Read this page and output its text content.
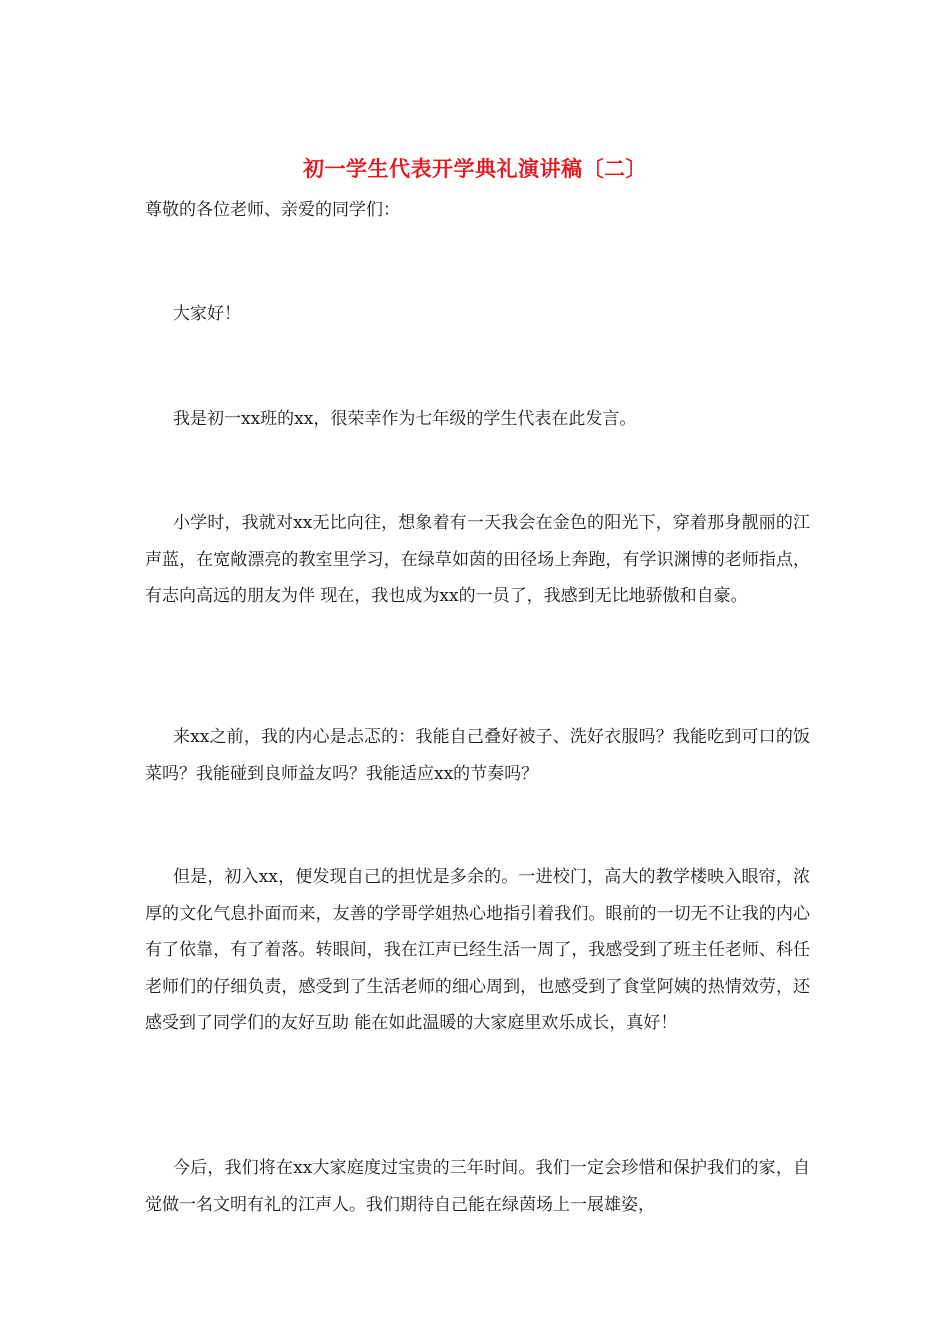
初一学生代表开学典礼演讲稿〔二〕
尊敬的各位老师、亲爱的同学们：

大家好！

我是初一xx班的xx，很荣幸作为七年级的学生代表在此发言。

小学时，我就对xx无比向往，想象着有一天我会在金色的阳光下，穿着那身靓丽的江声蓝，在宽敞漂亮的教室里学习，在绿草如茵的田径场上奔跑，有学识渊博的老师指点，有志向高远的朋友为伴 现在，我也成为xx的一员了，我感到无比地骄傲和自豪。

来xx之前，我的内心是忐忑的：我能自己叠好被子、洗好衣服吗？我能吃到可口的饭菜吗？我能碰到良师益友吗？我能适应xx的节奏吗？

但是，初入xx，便发现自己的担忧是多余的。一进校门，高大的教学楼映入眼帘，浓厚的文化气息扑面而来，友善的学哥学姐热心地指引着我们。眼前的一切无不让我的内心有了依靠，有了着落。转眼间，我在江声已经生活一周了，我感受到了班主任老师、科任老师们的仔细负责，感受到了生活老师的细心周到，也感受到了食堂阿姨的热情效劳，还感受到了同学们的友好互助 能在如此温暖的大家庭里欢乐成长，真好！

今后，我们将在xx大家庭度过宝贵的三年时间。我们一定会珍惜和保护我们的家，自觉做一名文明有礼的江声人。我们期待自己能在绿茵场上一展雄姿，
